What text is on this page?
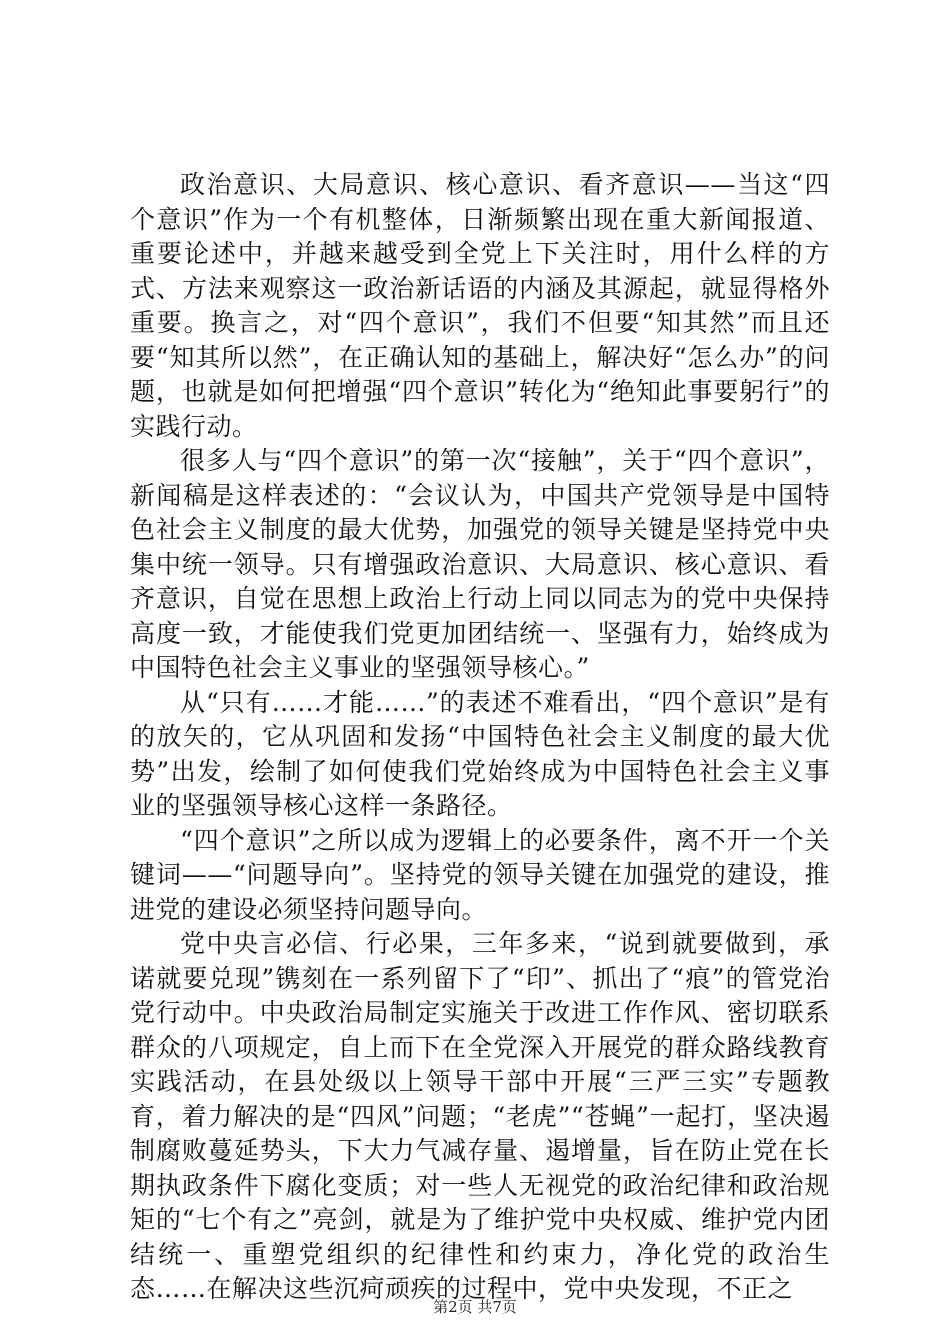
政治意识、大局意识、核心意识、看齐意识——当这“四个意识”作为一个有机整体，日渐频繁出现在重大新闻报道、重要论述中，并越来越受到全党上下关注时，用什么样的方式、方法来观察这一政治新话语的内涵及其源起，就显得格外重要。换言之，对“四个意识”，我们不但要“知其然”而且还要“知其所以然”，在正确认知的基础上，解决好“怎么办”的问题，也就是如何把增强“四个意识”转化为“绝知此事要躬行”的实践行动。

很多人与“四个意识”的第一次“接触”，关于“四个意识”，新闻稿是这样表述的：“会议认为，中国共产党领导是中国特色社会主义制度的最大优势，加强党的领导关键是坚持党中央集中统一领导。只有增强政治意识、大局意识、核心意识、看齐意识，自觉在思想上政治上行动上同以同志为的党中央保持高度一致，才能使我们党更加团结统一、坚强有力，始终成为中国特色社会主义事业的坚强领导核心。”

从“只有……才能……”的表述不难看出，“四个意识”是有的放矢的，它从巩固和发扬“中国特色社会主义制度的最大优势”出发，绘制了如何使我们党始终成为中国特色社会主义事业的坚强领导核心这样一条路径。

“四个意识”之所以成为逻辑上的必要条件，离不开一个关键词——“问题导向”。坚持党的领导关键在加强党的建设，推进党的建设必须坚持问题导向。

党中央言必信、行必果，三年多来，“说到就要做到，承诺就要兑现”镌刻在一系列留下了“印”、抓出了“痕”的管党治党行动中。中央政治局制定实施关于改进工作作风、密切联系群众的八项规定，自上而下在全党深入开展党的群众路线教育实践活动，在县处级以上领导干部中开展“三严三实”专题教育，着力解决的是“四风”问题；“老虎”“苍蝇”一起打，坚决遏制腐败蔓延势头，下大力气减存量、遏增量，旨在防止党在长期执政条件下腐化变质；对一些人无视党的政治纪律和政治规矩的“七个有之”亮剑，就是为了维护党中央权威、维护党内团结统一、重塑党组织的纪律性和约束力，净化党的政治生态……在解决这些沉疴顽疾的过程中，党中央发现，不正之

第2页 共7页
